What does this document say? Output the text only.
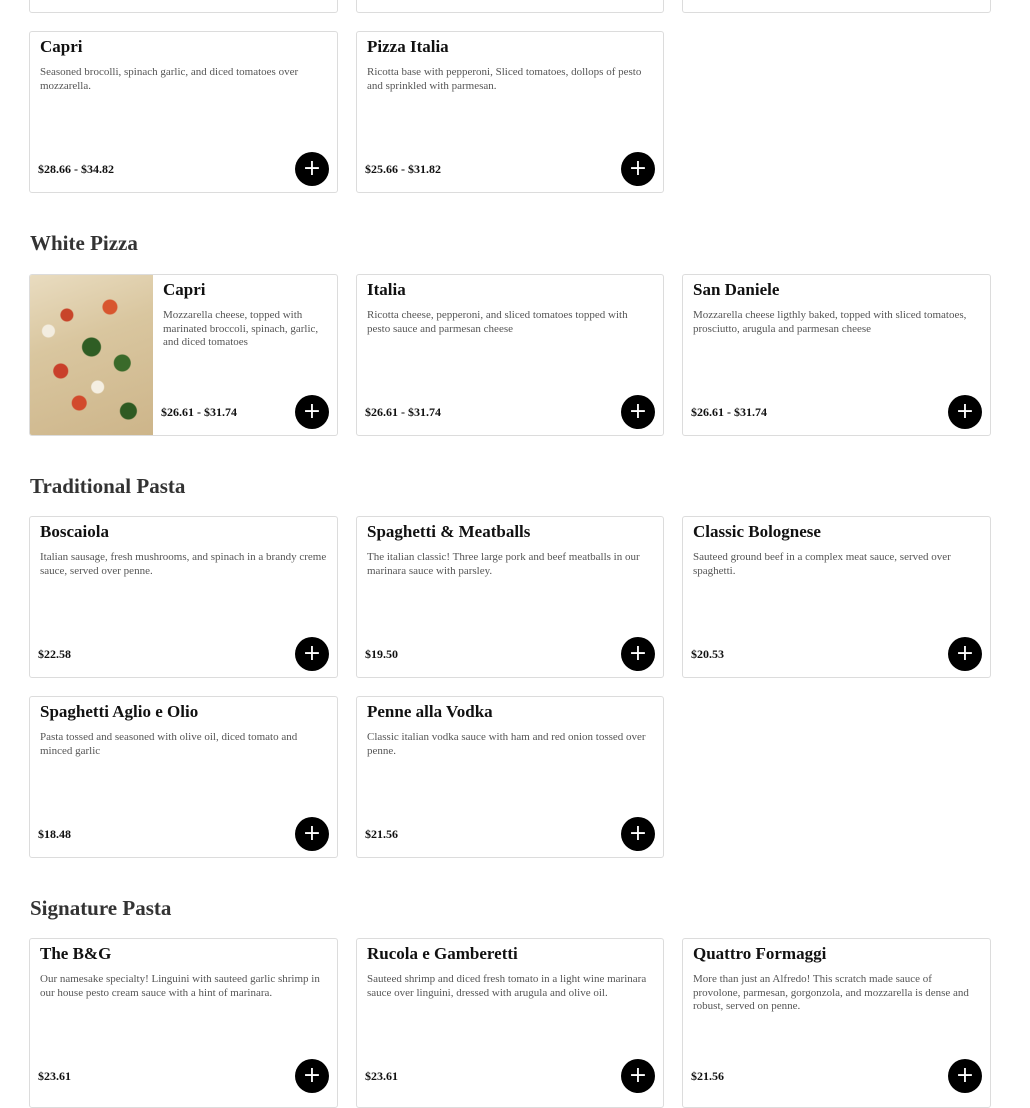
Capri
Seasoned brocolli, spinach garlic, and diced tomatoes over mozzarella.
$28.66 - $34.82	+
Pizza Italia
Ricotta base with pepperoni, Sliced tomatoes, dollops of pesto and sprinkled with parmesan.
$25.66 - $31.82	+
White Pizza
Capri
Mozzarella cheese, topped with marinated broccoli, spinach, garlic, and diced tomatoes
$26.61 - $31.74	+
Italia
Ricotta cheese, pepperoni, and sliced tomatoes topped with pesto sauce and parmesan cheese
$26.61 - $31.74	+
San Daniele
Mozzarella cheese ligthly baked, topped with sliced tomatoes, prosciutto, arugula and parmesan cheese
$26.61 - $31.74	+
Traditional Pasta
Boscaiola
Italian sausage, fresh mushrooms, and spinach in a brandy creme sauce, served over penne.
$22.58	+
Spaghetti & Meatballs
The italian classic! Three large pork and beef meatballs in our marinara sauce with parsley.
$19.50	+
Classic Bolognese
Sauteed ground beef in a complex meat sauce, served over spaghetti.
$20.53	+
Spaghetti Aglio e Olio
Pasta tossed and seasoned with olive oil, diced tomato and minced garlic
$18.48	+
Penne alla Vodka
Classic italian vodka sauce with ham and red onion tossed over penne.
$21.56	+
Signature Pasta
The B&G
Our namesake specialty! Linguini with sauteed garlic shrimp in our house pesto cream sauce with a hint of marinara.
$23.61	+
Rucola e Gamberetti
Sauteed shrimp and diced fresh tomato in a light wine marinara sauce over linguini, dressed with arugula and olive oil.
$23.61	+
Quattro Formaggi
More than just an Alfredo! This scratch made sauce of provolone, parmesan, gorgonzola, and mozzarella is dense and robust, served on penne.
$21.56	+
